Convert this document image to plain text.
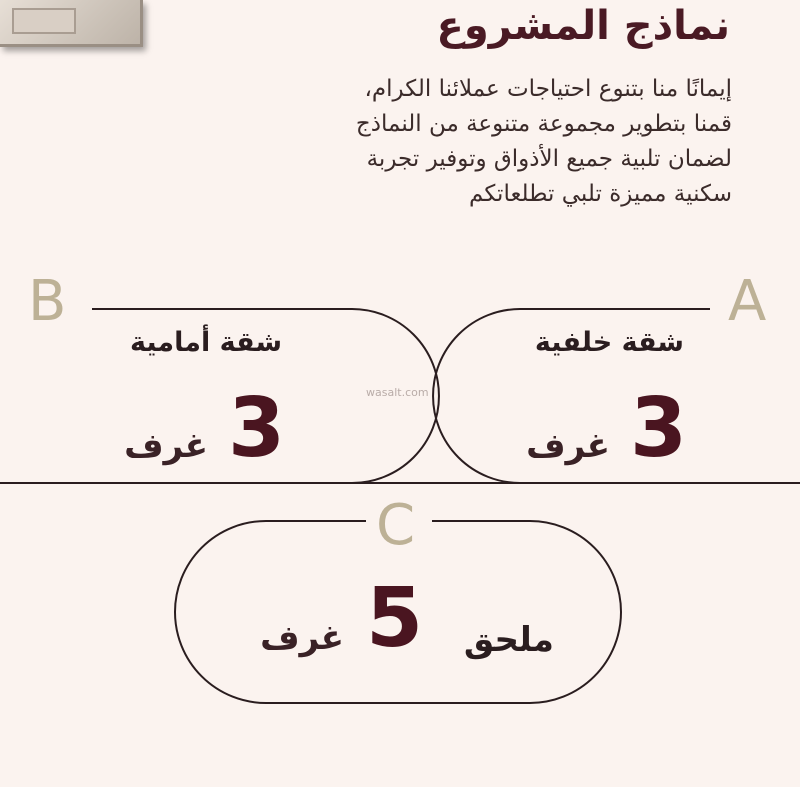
نماذج المشروع
إيمانًا منا بتنوع احتياجات عملائنا الكرام،
قمنا بتطوير مجموعة متنوعة من النماذج
لضمان تلبية جميع الأذواق وتوفير تجربة
سكنية مميزة تلبي تطلعاتكم
B
شقة أمامية
3
غرف
A
شقة خلفية
3
غرف
C
ملحق
5
غرف
wasalt.com
